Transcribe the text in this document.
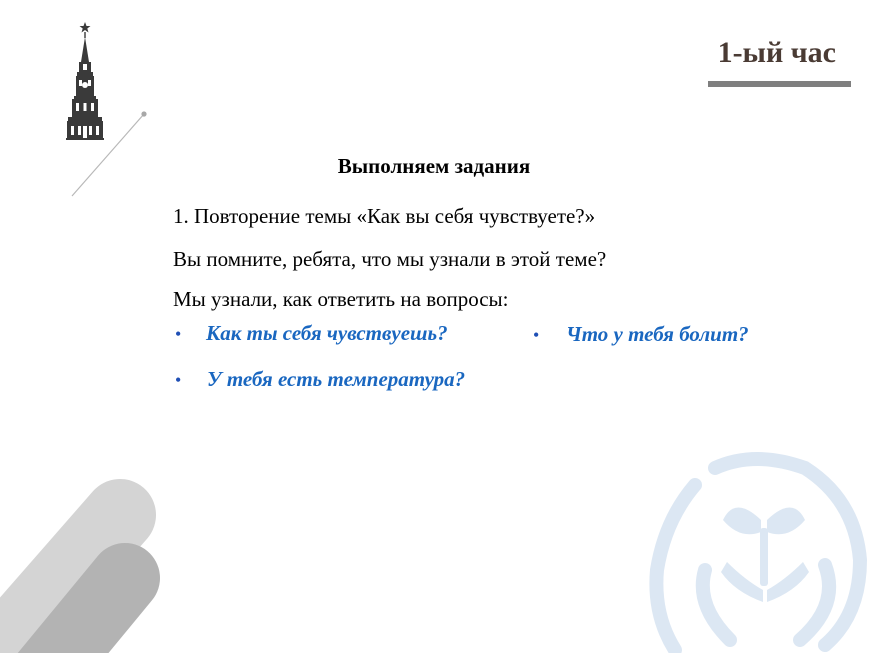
1-ый час
Выполняем задания
1. Повторение темы «Как вы себя чувствуете?»
Вы помните, ребята, что мы узнали в этой теме?
Мы узнали, как ответить на вопросы:
• Как ты себя чувствуешь?	• Что у тебя болит?
• У тебя есть температура?
